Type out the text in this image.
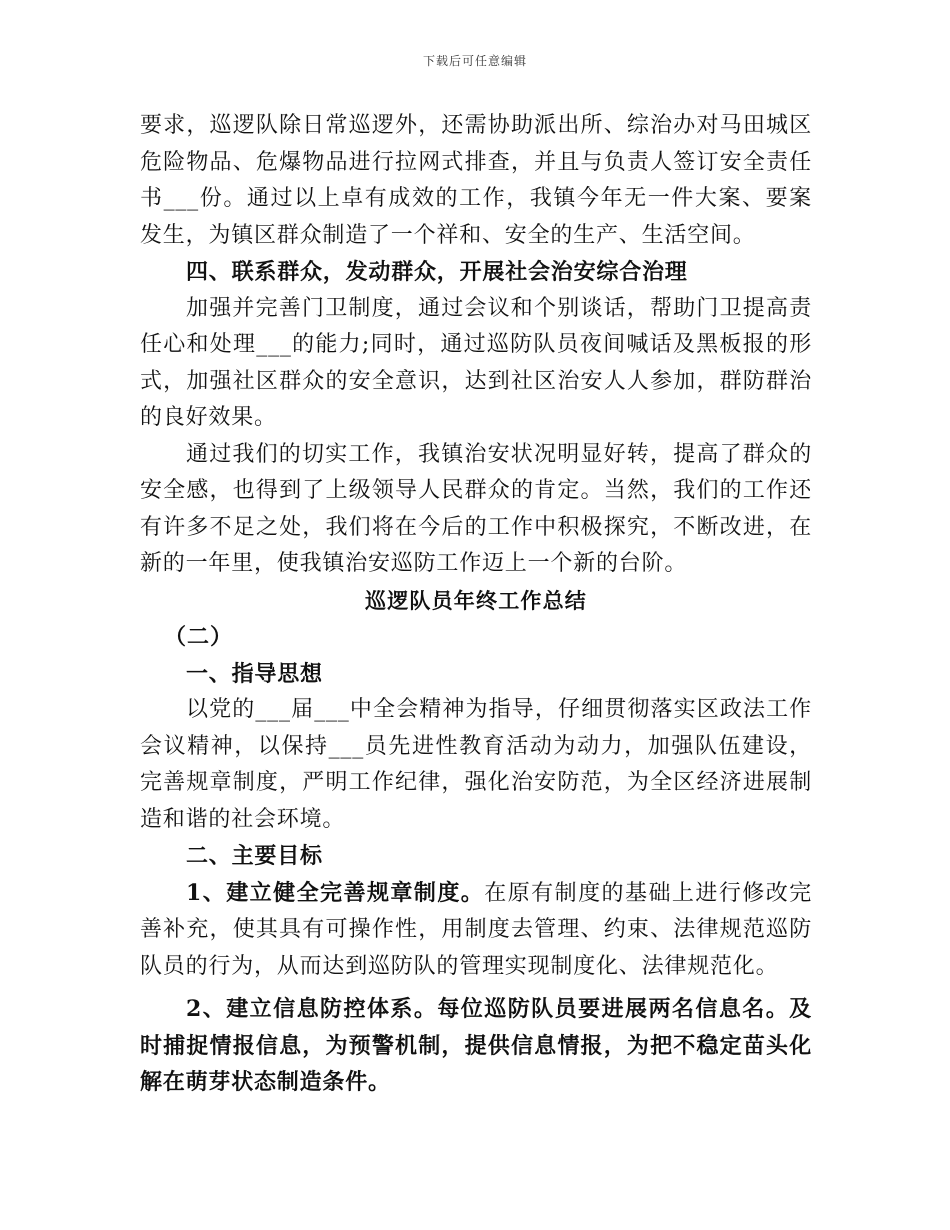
下载后可任意编辑

要求，巡逻队除日常巡逻外，还需协助派出所、综治办对马田城区危险物品、危爆物品进行拉网式排查，并且与负责人签订安全责任书___份。通过以上卓有成效的工作，我镇今年无一件大案、要案发生，为镇区群众制造了一个祥和、安全的生产、生活空间。

四、联系群众，发动群众，开展社会治安综合治理

加强并完善门卫制度，通过会议和个别谈话，帮助门卫提高责任心和处理___的能力;同时，通过巡防队员夜间喊话及黑板报的形式，加强社区群众的安全意识，达到社区治安人人参加，群防群治的良好效果。

通过我们的切实工作，我镇治安状况明显好转，提高了群众的安全感，也得到了上级领导人民群众的肯定。当然，我们的工作还有许多不足之处，我们将在今后的工作中积极探究，不断改进，在新的一年里，使我镇治安巡防工作迈上一个新的台阶。

巡逻队员年终工作总结

（二）

一、指导思想

以党的___届___中全会精神为指导，仔细贯彻落实区政法工作会议精神，以保持___员先进性教育活动为动力，加强队伍建设，完善规章制度，严明工作纪律，强化治安防范，为全区经济进展制造和谐的社会环境。

二、主要目标

1、建立健全完善规章制度。在原有制度的基础上进行修改完善补充，使其具有可操作性，用制度去管理、约束、法律规范巡防队员的行为，从而达到巡防队的管理实现制度化、法律规范化。

2、建立信息防控体系。每位巡防队员要进展两名信息名。及时捕捉情报信息，为预警机制，提供信息情报，为把不稳定苗头化解在萌芽状态制造条件。
